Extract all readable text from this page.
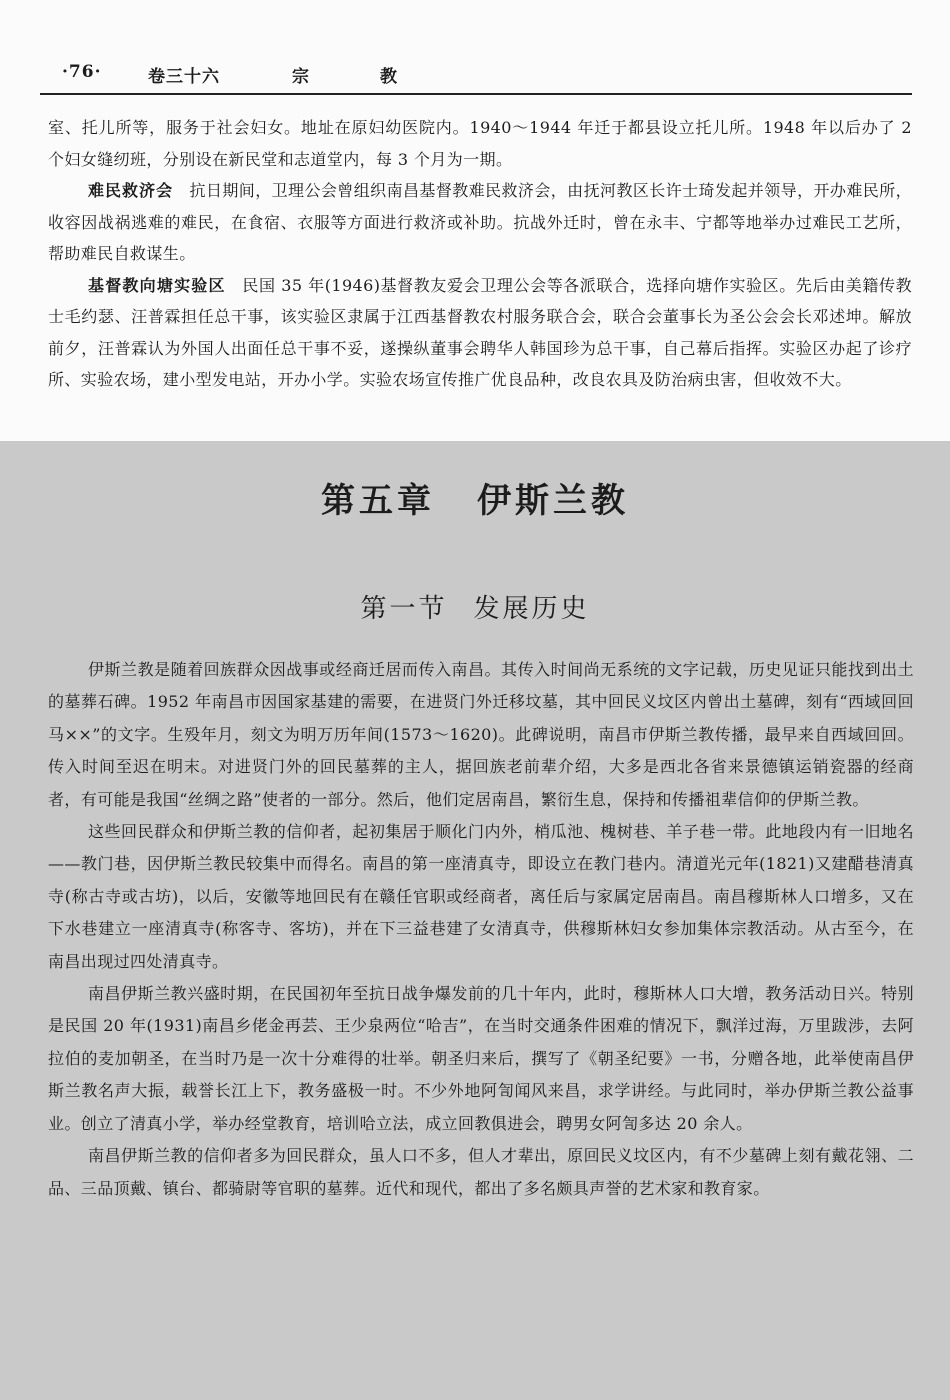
·76·	卷三十六	宗	教

室、托儿所等，服务于社会妇女。地址在原妇幼医院内。1940～1944 年迁于都县设立托儿所。1948 年以后办了 2 个妇女缝纫班，分别设在新民堂和志道堂内，每 3 个月为一期。

难民救济会　 抗日期间，卫理公会曾组织南昌基督教难民救济会，由抚河教区长许士琦发起并领导，开办难民所，收容因战祸逃难的难民，在食宿、衣服等方面进行救济或补助。抗战外迁时，曾在永丰、宁都等地举办过难民工艺所，帮助难民自救谋生。

基督教向塘实验区　 民国 35 年(1946)基督教友爱会卫理公会等各派联合，选择向塘作实验区。先后由美籍传教士毛约瑟、汪普霖担任总干事，该实验区隶属于江西基督教农村服务联合会，联合会董事长为圣公会会长邓述坤。解放前夕，汪普霖认为外国人出面任总干事不妥，遂操纵董事会聘华人韩国珍为总干事，自己幕后指挥。实验区办起了诊疗所、实验农场，建小型发电站，开办小学。实验农场宣传推广优良品种，改良农具及防治病虫害，但收效不大。

第五章 伊斯兰教
第一节 发展历史

伊斯兰教是随着回族群众因战事或经商迁居而传入南昌。其传入时间尚无系统的文字记载，历史见证只能找到出土的墓葬石碑。1952 年南昌市因国家基建的需要，在进贤门外迁移坟墓，其中回民义坟区内曾出土墓碑，刻有“西域回回马××”的文字。生殁年月，刻文为明万历年间(1573～1620)。此碑说明，南昌市伊斯兰教传播，最早来自西域回回。传入时间至迟在明末。对进贤门外的回民墓葬的主人，据回族老前辈介绍，大多是西北各省来景德镇运销瓷器的经商者，有可能是我国“丝绸之路”使者的一部分。然后，他们定居南昌，繁衍生息，保持和传播祖辈信仰的伊斯兰教。

这些回民群众和伊斯兰教的信仰者，起初集居于顺化门内外，梢瓜池、槐树巷、羊子巷一带。此地段内有一旧地名——教门巷，因伊斯兰教民较集中而得名。南昌的第一座清真寺，即设立在教门巷内。清道光元年(1821)又建醋巷清真寺(称古寺或古坊)，以后，安徽等地回民有在赣任官职或经商者，离任后与家属定居南昌。南昌穆斯林人口增多，又在下水巷建立一座清真寺(称客寺、客坊)，并在下三益巷建了女清真寺，供穆斯林妇女参加集体宗教活动。从古至今，在南昌出现过四处清真寺。

南昌伊斯兰教兴盛时期，在民国初年至抗日战争爆发前的几十年内，此时，穆斯林人口大增，教务活动日兴。特别是民国 20 年(1931)南昌乡佬金再芸、王少泉两位“哈吉”，在当时交通条件困难的情况下，飘洋过海，万里跋涉，去阿拉伯的麦加朝圣，在当时乃是一次十分难得的壮举。朝圣归来后，撰写了《朝圣纪要》一书，分赠各地，此举使南昌伊斯兰教名声大振，载誉长江上下，教务盛极一时。不少外地阿訇闻风来昌，求学讲经。与此同时，举办伊斯兰教公益事业。创立了清真小学，举办经堂教育，培训哈立法，成立回教俱进会，聘男女阿訇多达 20 余人。

南昌伊斯兰教的信仰者多为回民群众，虽人口不多，但人才辈出，原回民义坟区内，有不少墓碑上刻有戴花翎、二品、三品顶戴、镇台、都骑尉等官职的墓葬。近代和现代，都出了多名颇具声誉的艺术家和教育家。
